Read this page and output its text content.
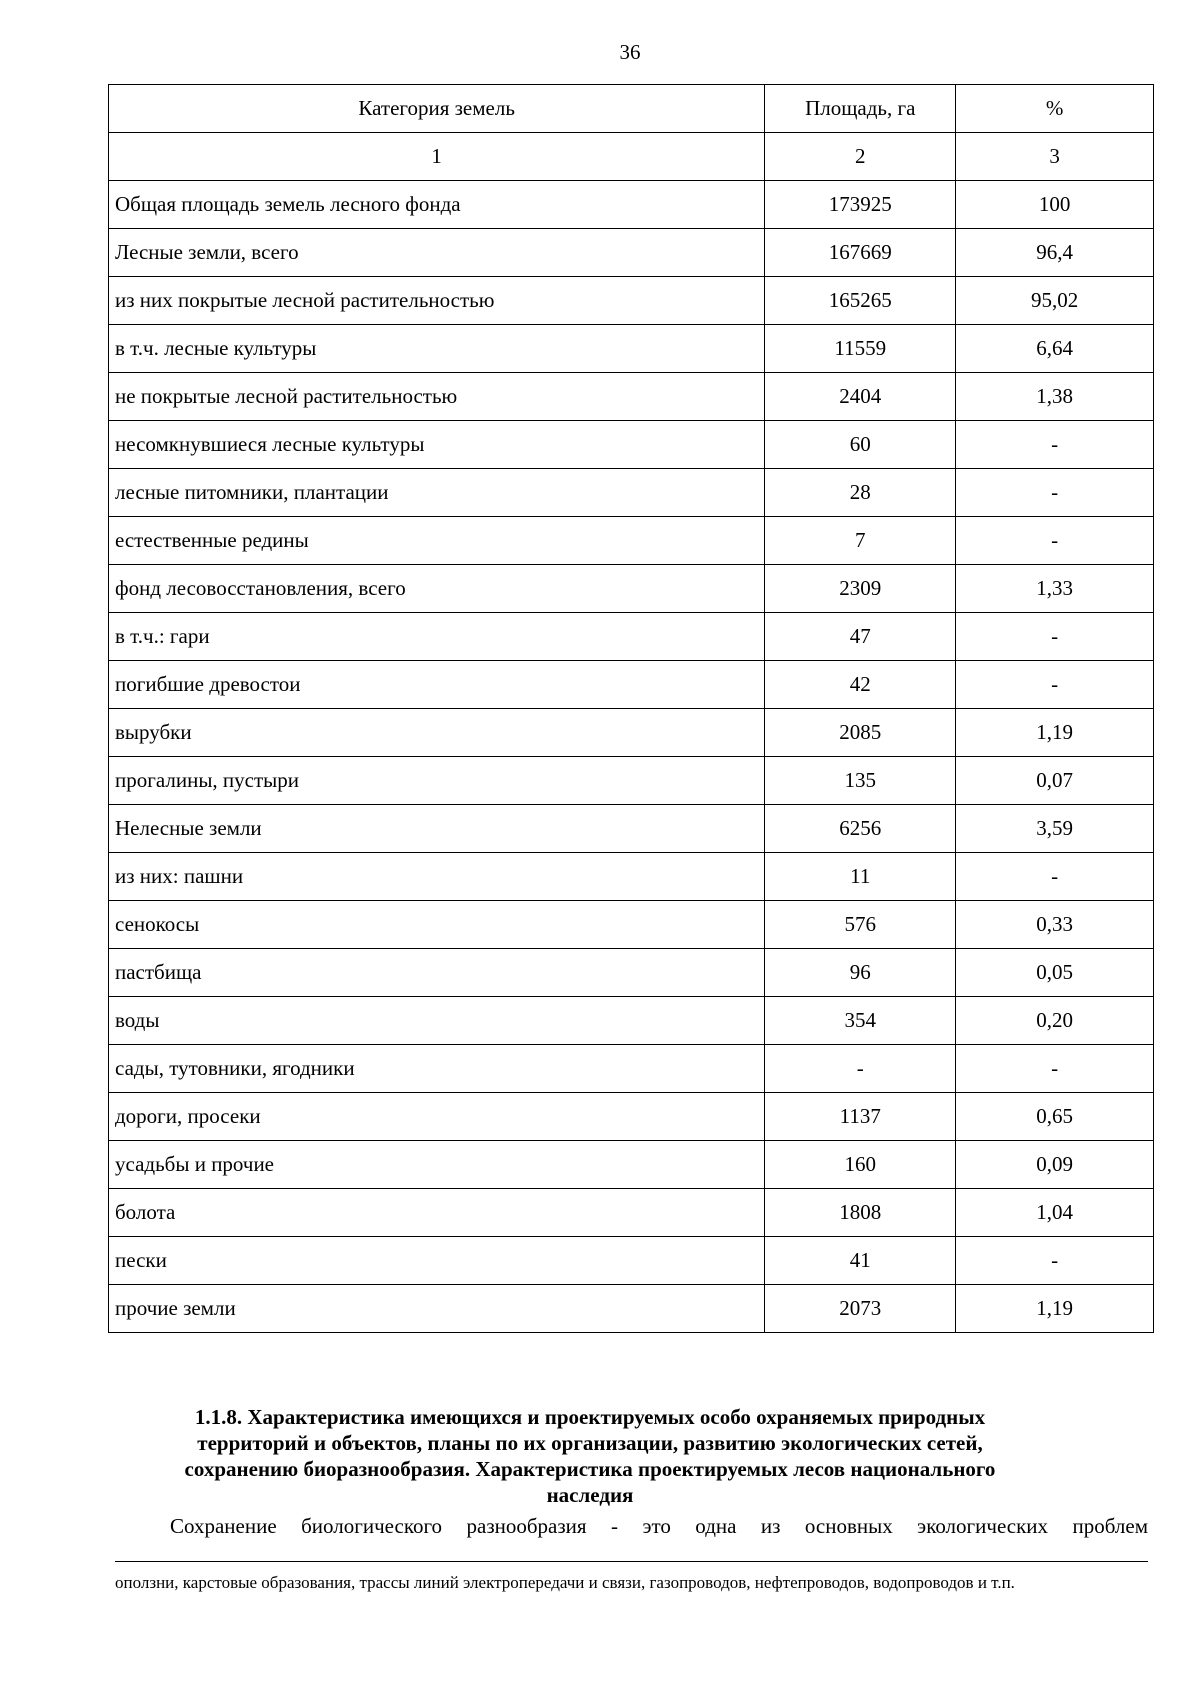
36
Категория земель	Площадь, га	%
1	2	3
Общая площадь земель лесного фонда	173925	100
Лесные земли, всего	167669	96,4
из них покрытые лесной растительностью	165265	95,02
в т.ч. лесные культуры	11559	6,64
не покрытые лесной растительностью	2404	1,38
несомкнувшиеся лесные культуры	60	-
лесные питомники, плантации	28	-
естественные редины	7	-
фонд лесовосстановления, всего	2309	1,33
в т.ч.: гари	47	-
погибшие древостои	42	-
вырубки	2085	1,19
прогалины, пустыри	135	0,07
Нелесные земли	6256	3,59
из них: пашни	11	-
сенокосы	576	0,33
пастбища	96	0,05
воды	354	0,20
сады, тутовники, ягодники	-	-
дороги, просеки	1137	0,65
усадьбы и прочие	160	0,09
болота	1808	1,04
пески	41	-
прочие земли	2073	1,19
1.1.8. Характеристика имеющихся и проектируемых особо охраняемых природных территорий и объектов, планы по их организации, развитию экологических сетей, сохранению биоразнообразия. Характеристика проектируемых лесов национального наследия
Сохранение биологического разнообразия - это одна из основных экологических проблем
оползни, карстовые образования, трассы линий электропередачи и связи, газопроводов, нефтепроводов, водопроводов и т.п.
